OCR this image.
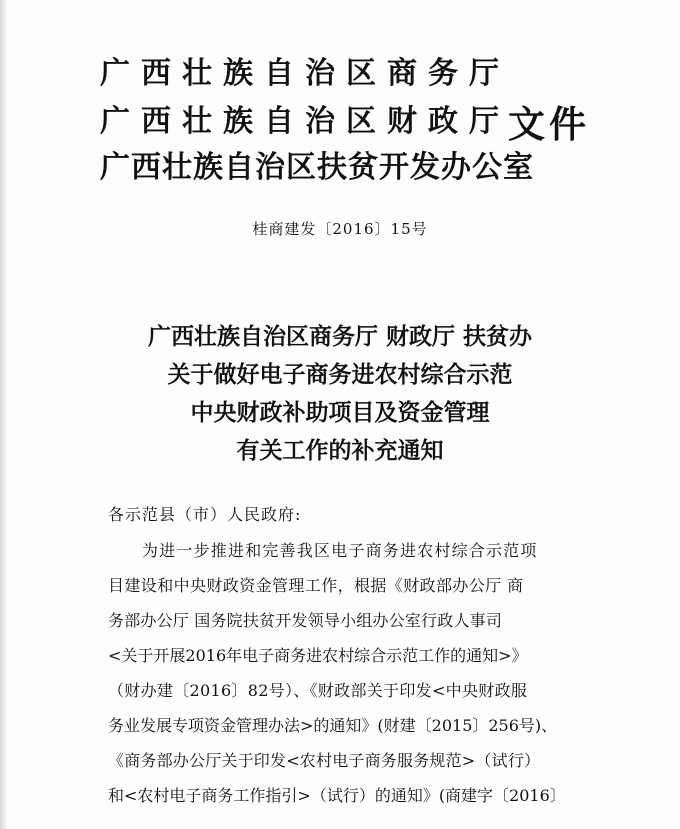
广西壮族自治区商务厅
广西壮族自治区财政厅
广西壮族自治区扶贫开发办公室
文件
桂商建发〔2016〕15号
广西壮族自治区商务厅 财政厅 扶贫办
关于做好电子商务进农村综合示范
中央财政补助项目及资金管理
有关工作的补充通知
各示范县（市）人民政府:
为进一步推进和完善我区电子商务进农村综合示范项
目建设和中央财政资金管理工作，根据《财政部办公厅 商
务部办公厅 国务院扶贫开发领导小组办公室行政人事司
<关于开展2016年电子商务进农村综合示范工作的通知>》
（财办建〔2016〕82号）、《财政部关于印发<中央财政服
务业发展专项资金管理办法>的通知》(财建〔2015〕256号)、
《商务部办公厅关于印发<农村电子商务服务规范>（试行）
和<农村电子商务工作指引>（试行）的通知》(商建字〔2016〕
